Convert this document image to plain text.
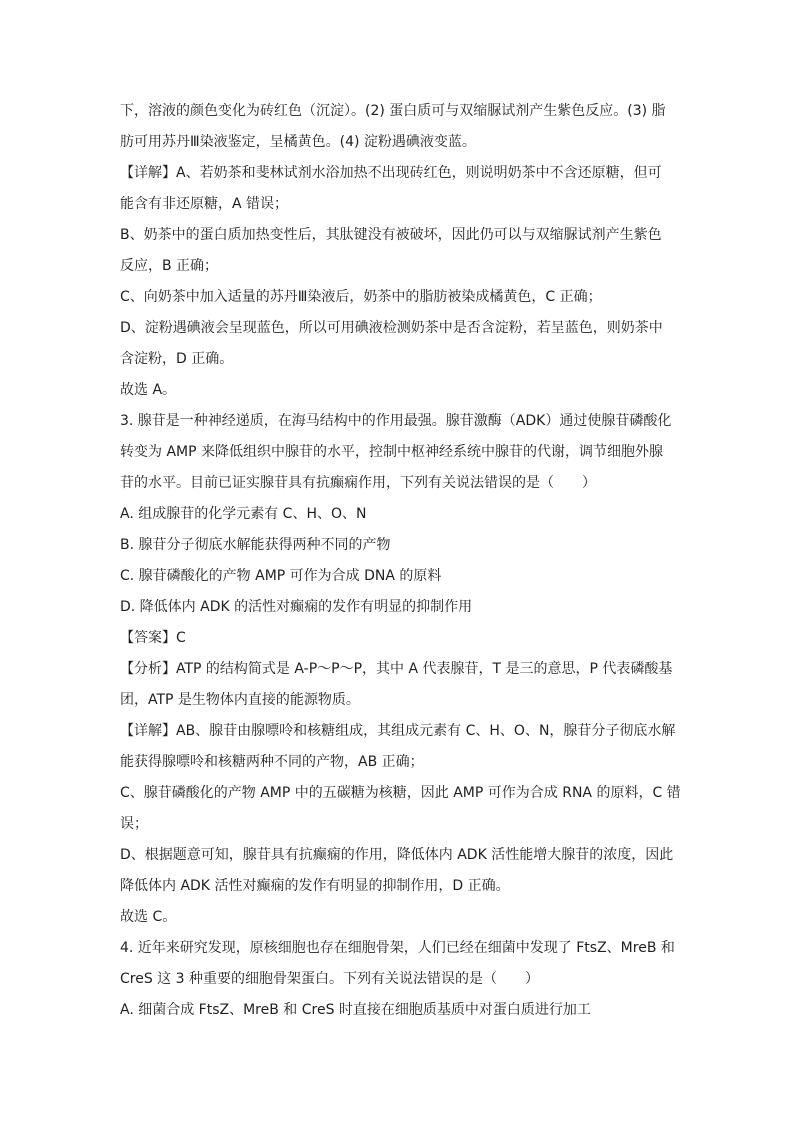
下，溶液的颜色变化为砖红色（沉淀）。(2) 蛋白质可与双缩脲试剂产生紫色反应。(3) 脂
肪可用苏丹Ⅲ染液鉴定，呈橘黄色。(4) 淀粉遇碘液变蓝。
【详解】A、若奶茶和斐林试剂水浴加热不出现砖红色，则说明奶茶中不含还原糖，但可
能含有非还原糖，A 错误；
B、奶茶中的蛋白质加热变性后，其肽键没有被破坏，因此仍可以与双缩脲试剂产生紫色
反应，B 正确；
C、向奶茶中加入适量的苏丹Ⅲ染液后，奶茶中的脂肪被染成橘黄色，C 正确；
D、淀粉遇碘液会呈现蓝色，所以可用碘液检测奶茶中是否含淀粉，若呈蓝色，则奶茶中
含淀粉，D 正确。
故选 A。
3. 腺苷是一种神经递质，在海马结构中的作用最强。腺苷激酶（ADK）通过使腺苷磷酸化
转变为 AMP 来降低组织中腺苷的水平，控制中枢神经系统中腺苷的代谢，调节细胞外腺
苷的水平。目前已证实腺苷具有抗癫痫作用，下列有关说法错误的是（　　）
A. 组成腺苷的化学元素有 C、H、O、N
B. 腺苷分子彻底水解能获得两种不同的产物
C. 腺苷磷酸化的产物 AMP 可作为合成 DNA 的原料
D. 降低体内 ADK 的活性对癫痫的发作有明显的抑制作用
【答案】C
【分析】ATP 的结构简式是 A-P～P～P，其中 A 代表腺苷，T 是三的意思，P 代表磷酸基
团，ATP 是生物体内直接的能源物质。
【详解】AB、腺苷由腺嘌呤和核糖组成，其组成元素有 C、H、O、N，腺苷分子彻底水解
能获得腺嘌呤和核糖两种不同的产物，AB 正确；
C、腺苷磷酸化的产物 AMP 中的五碳糖为核糖，因此 AMP 可作为合成 RNA 的原料，C 错
误；
D、根据题意可知，腺苷具有抗癫痫的作用，降低体内 ADK 活性能增大腺苷的浓度，因此
降低体内 ADK 活性对癫痫的发作有明显的抑制作用，D 正确。
故选 C。
4. 近年来研究发现，原核细胞也存在细胞骨架，人们已经在细菌中发现了 FtsZ、MreB 和
CreS 这 3 种重要的细胞骨架蛋白。下列有关说法错误的是（　　）
A. 细菌合成 FtsZ、MreB 和 CreS 时直接在细胞质基质中对蛋白质进行加工
